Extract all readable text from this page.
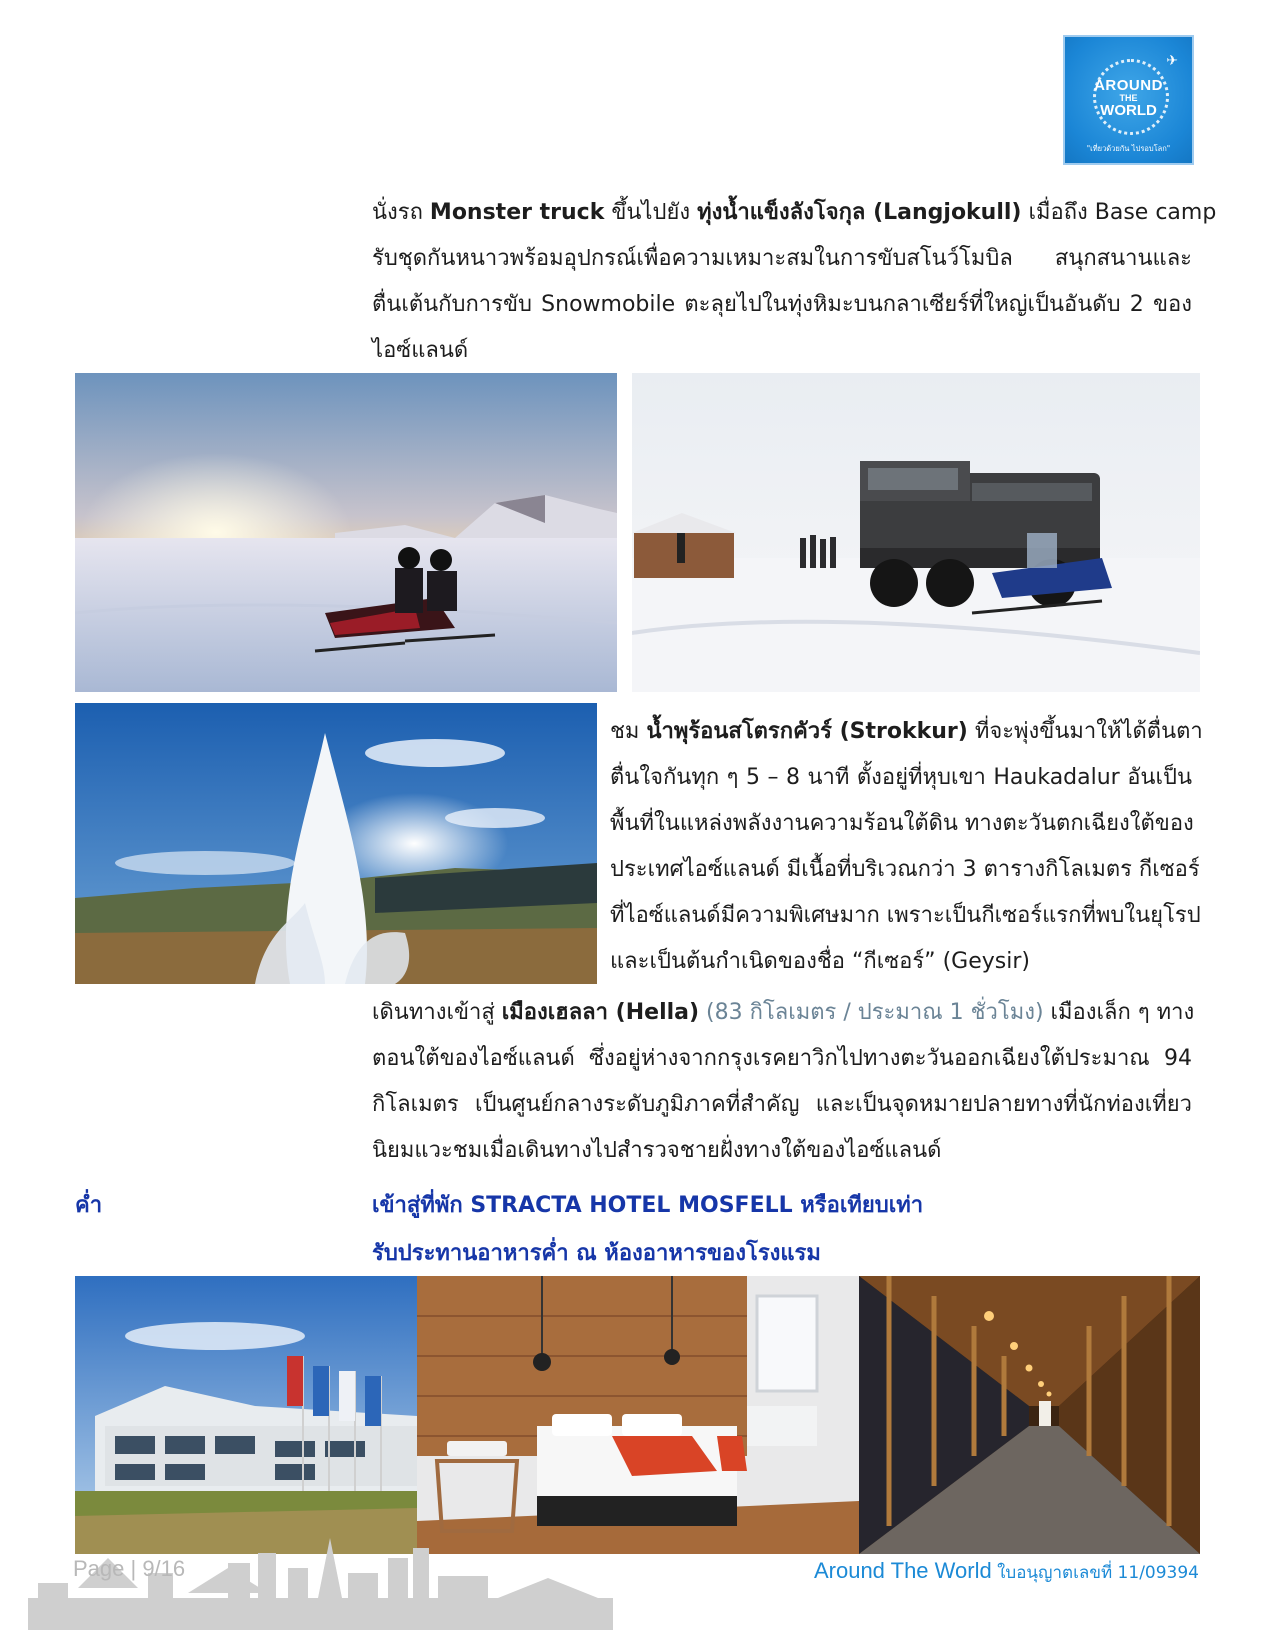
✈
AROUND
THE
WORLD
"เที่ยวด้วยกัน ไปรอบโลก"
นั่งรถ Monster truck ขึ้นไปยัง ทุ่งน้ำแข็งลังโจกุล (Langjokull) เมื่อถึง Base camp
รับชุดกันหนาวพร้อมอุปกรณ์เพื่อความเหมาะสมในการขับสโนว์โมบิล สนุกสนานและ
ตื่นเต้นกับการขับ Snowmobile ตะลุยไปในทุ่งหิมะบนกลาเซียร์ที่ใหญ่เป็นอันดับ 2 ของ
ไอซ์แลนด์
ชม น้ำพุร้อนสโตรกคัวร์ (Strokkur) ที่จะพุ่งขึ้นมาให้ได้ตื่นตา
ตื่นใจกันทุก ๆ 5 – 8 นาที ตั้งอยู่ที่หุบเขา Haukadalur อันเป็น
พื้นที่ในแหล่งพลังงานความร้อนใต้ดิน ทางตะวันตกเฉียงใต้ของ
ประเทศไอซ์แลนด์ มีเนื้อที่บริเวณกว่า 3 ตารางกิโลเมตร กีเซอร์
ที่ไอซ์แลนด์มีความพิเศษมาก เพราะเป็นกีเซอร์แรกที่พบในยุโรป
และเป็นต้นกำเนิดของชื่อ “กีเซอร์” (Geysir)
เดินทางเข้าสู่ เมืองเฮลลา (Hella) (83 กิโลเมตร / ประมาณ 1 ชั่วโมง) เมืองเล็ก ๆ ทาง
ตอนใต้ของไอซ์แลนด์ ซึ่งอยู่ห่างจากกรุงเรคยาวิกไปทางตะวันออกเฉียงใต้ประมาณ 94
กิโลเมตร เป็นศูนย์กลางระดับภูมิภาคที่สำคัญ และเป็นจุดหมายปลายทางที่นักท่องเที่ยว
นิยมแวะชมเมื่อเดินทางไปสำรวจชายฝั่งทางใต้ของไอซ์แลนด์
ค่ำ	เข้าสู่ที่พัก STRACTA HOTEL MOSFELL หรือเทียบเท่า
รับประทานอาหารค่ำ ณ ห้องอาหารของโรงแรม
Page | 9/16	Around The World ใบอนุญาตเลขที่ 11/09394
